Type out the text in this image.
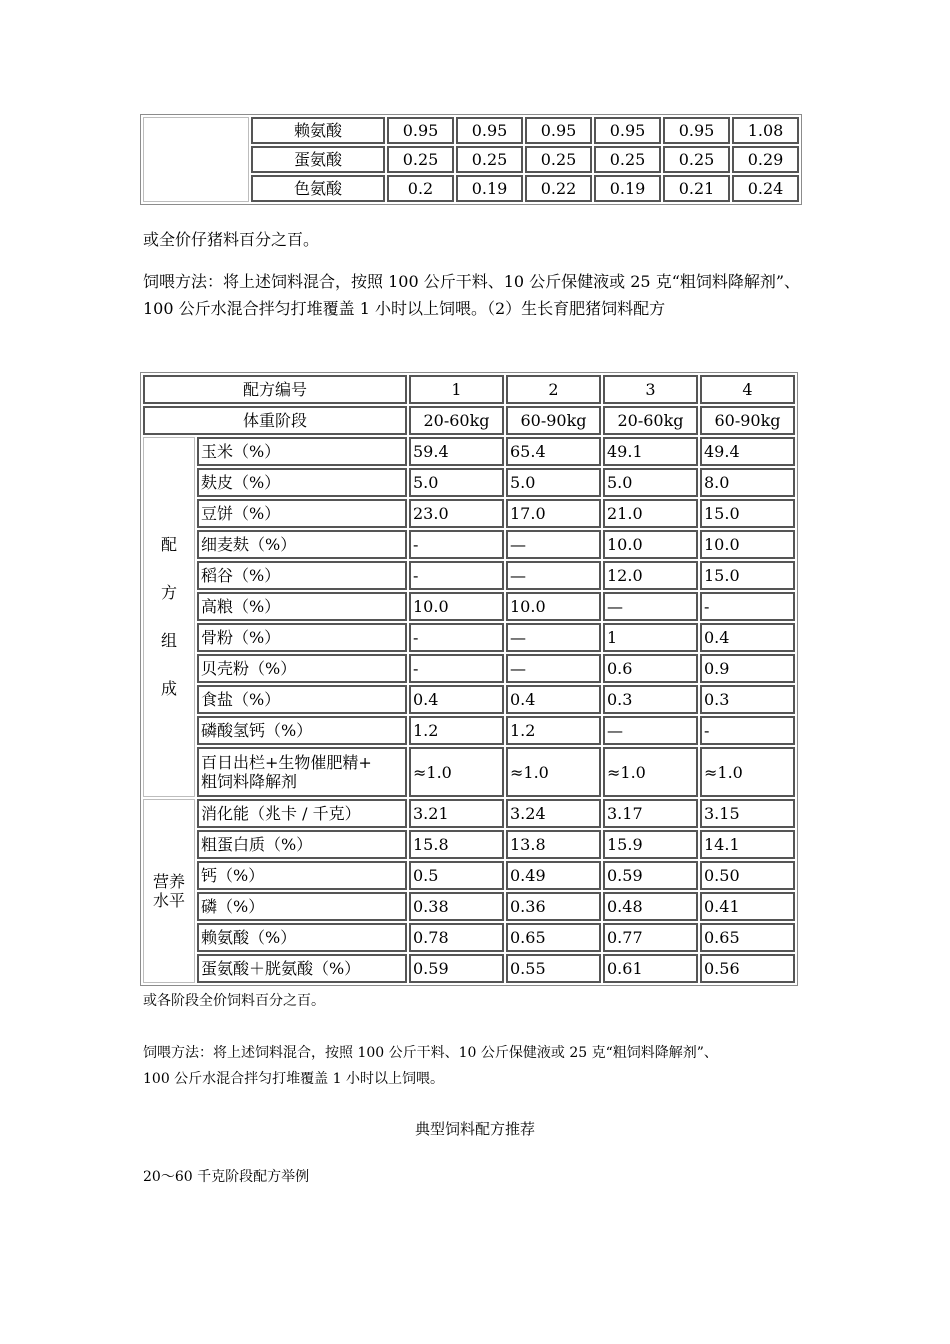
	赖氨酸	0.95	0.95	0.95	0.95	0.95	1.08
	蛋氨酸	0.25	0.25	0.25	0.25	0.25	0.29
	色氨酸	0.2	0.19	0.22	0.19	0.21	0.24
或全价仔猪料百分之百。
饲喂方法：将上述饲料混合，按照 100 公斤干料、10 公斤保健液或 25 克“粗饲料降解剂”、100 公斤水混合拌匀打堆覆盖 1 小时以上饲喂。（2）生长育肥猪饲料配方
配方编号		1	2	3	4
体重阶段		20-60kg	60-90kg	20-60kg	60-90kg

配
方
组
成	玉米（%）	59.4	65.4	49.1	49.4
	麸皮（%）	5.0	5.0	5.0	8.0
	豆饼（%）	23.0	17.0	21.0	15.0
	细麦麸（%）	-	—	10.0	10.0
	稻谷（%）	-	—	12.0	15.0
	高粮（%）	10.0	10.0	—	-
	骨粉（%）	-	—	1	0.4
	贝壳粉（%）	-	—	0.6	0.9
	食盐（%）	0.4	0.4	0.3	0.3
	磷酸氢钙（%）	1.2	1.2	—	-

	百日出栏+生物催肥精+
粗饲料降解剂	≈1.0	≈1.0	≈1.0	≈1.0

营养
水平	消化能（兆卡 / 千克）	3.21	3.24	3.17	3.15
	粗蛋白质（%）	15.8	13.8	15.9	14.1
	钙（%）	0.5	0.49	0.59	0.50
	磷（%）	0.38	0.36	0.48	0.41
	赖氨酸（%）	0.78	0.65	0.77	0.65
	蛋氨酸＋胱氨酸（%）	0.59	0.55	0.61	0.56
或各阶段全价饲料百分之百。
饲喂方法：将上述饲料混合，按照 100 公斤干料、10 公斤保健液或 25 克“粗饲料降解剂”、
100 公斤水混合拌匀打堆覆盖 1 小时以上饲喂。
典型饲料配方推荐
20～60 千克阶段配方举例
